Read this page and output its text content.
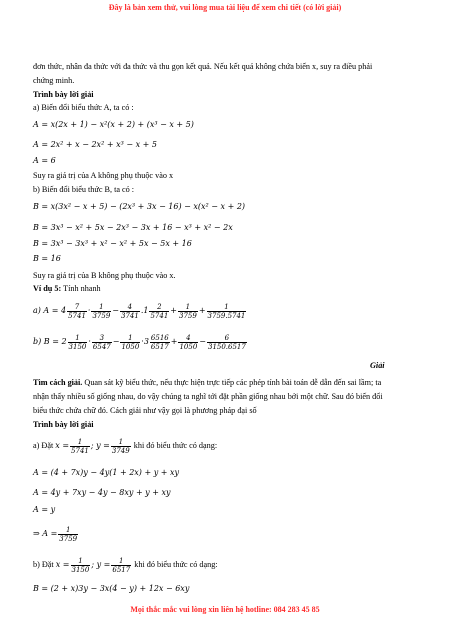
Đây là bản xem thử, vui lòng mua tài liệu để xem chi tiết (có lời giải)
đơn thức, nhân đa thức với đa thức và thu gọn kết quả. Nếu kết quả không chứa biến x, suy ra điều phải
chứng minh.
Trình bày lời giải
a) Biến đổi biểu thức A, ta có :
A = x(2x + 1) − x²(x + 2) + (x³ − x + 5)
A = 2x² + x − 2x² + x³ − x + 5
A = 6
Suy ra giá trị của A không phụ thuộc vào x
b) Biến đổi biểu thức B, ta có :
B = x(3x² − x + 5) − (2x³ + 3x − 16) − x(x² − x + 2)
B = 3x³ − x² + 5x − 2x³ − 3x + 16 − x³ + x² − 2x
B = 3x³ − 3x³ + x² − x² + 5x − 5x + 16
B = 16
Suy ra giá trị của B không phụ thuộc vào x.
Ví dụ 5: Tính nhanh
a) $A = 4 \frac{7}{5741} \cdot \frac{1}{3759} - \frac{4}{3741} .1 \frac{2}{5741} + \frac{1}{3759} + \frac{1}{3759.5741}$
b) $B = 2 \frac{1}{3150} \cdot \frac{3}{6547} - \frac{1}{1050} \cdot 3 \frac{6516}{6517} + \frac{4}{1050} - \frac{6}{3150.6517}$
Giải
Tìm cách giải. Quan sát kỹ biểu thức, nếu thực hiện trực tiếp các phép tính bài toán dễ dẫn đến sai lầm; ta
nhận thấy nhiều số giống nhau, do vậy chúng ta nghĩ tới đặt phần giống nhau bởi một chữ. Sau đó biến đổi
biểu thức chứa chữ đó. Cách giải như vậy gọi là phương pháp đại số
Trình bày lời giải
a) Đặt $x = \frac{1}{5741}$ ; $y = \frac{1}{3749}$ khi đó biểu thức có dạng:
A = (4 + 7x)y − 4y(1 + 2x) + y + xy
A = 4y + 7xy − 4y − 8xy + y + xy
A = y
⇒ $A = \frac{1}{3759}$
b) Đặt $x = \frac{1}{3150}$ ; $y = \frac{1}{6517}$ khi đó biểu thức có dạng:
B = (2 + x)3y − 3x(4 − y) + 12x − 6xy
Mọi thắc mắc vui lòng xin liên hệ hotline: 084 283 45 85
